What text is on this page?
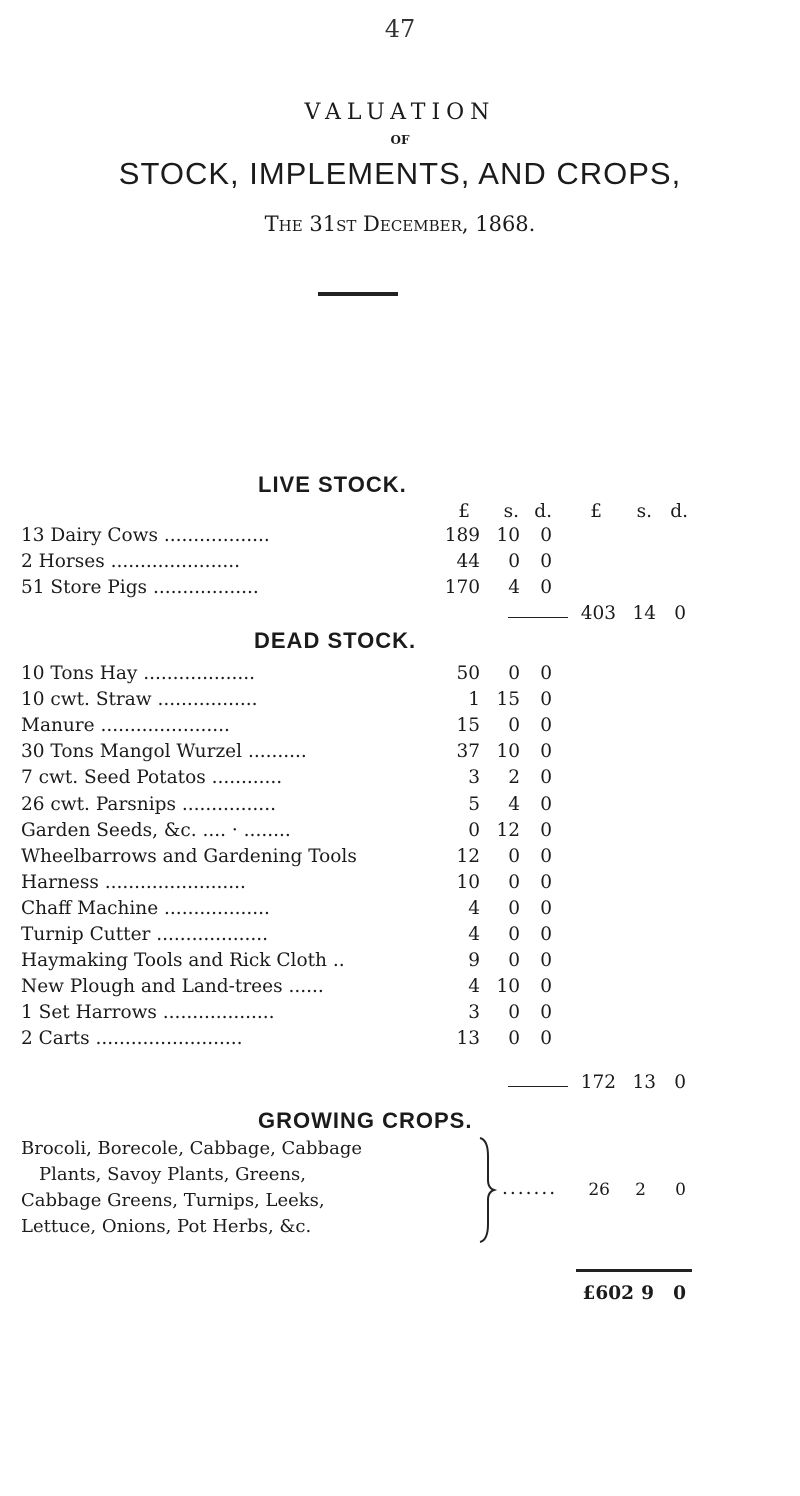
47
VALUATION
OF
STOCK, IMPLEMENTS, AND CROPS,
The 31st December, 1868.
LIVE STOCK.
£	s. d.	£	s. d.
13 Dairy Cows ..................	189 10	0
2 Horses ......................	44	0	0
51 Store Pigs ..................	170	4	0
403 14 0
DEAD STOCK.
10 Tons Hay ...................	50	0	0
10 cwt. Straw .................	1 15	0
Manure ......................	15	0	0
30 Tons Mangol Wurzel ..........	37 10	0
7 cwt. Seed Potatos ............	3	2	0
26 cwt. Parsnips ................	5	4	0
Garden Seeds, &c. .... · ........	0 12	0
Wheelbarrows and Gardening Tools	12	0	0
Harness ........................	10	0	0
Chaff Machine ..................	4	0	0
Turnip Cutter ...................	4	0	0
Haymaking Tools and Rick Cloth ..	9	0	0
New Plough and Land-trees ......	4 10	0
1 Set Harrows ...................	3	0	0
2 Carts .........................	13	0	0
172 13 0
GROWING CROPS.
Brocoli, Borecole, Cabbage, Cabbage
Plants, Savoy Plants, Greens,
Cabbage Greens, Turnips, Leeks,
Lettuce, Onions, Pot Herbs, &c.
.......	26	2	0
£602 9	0
